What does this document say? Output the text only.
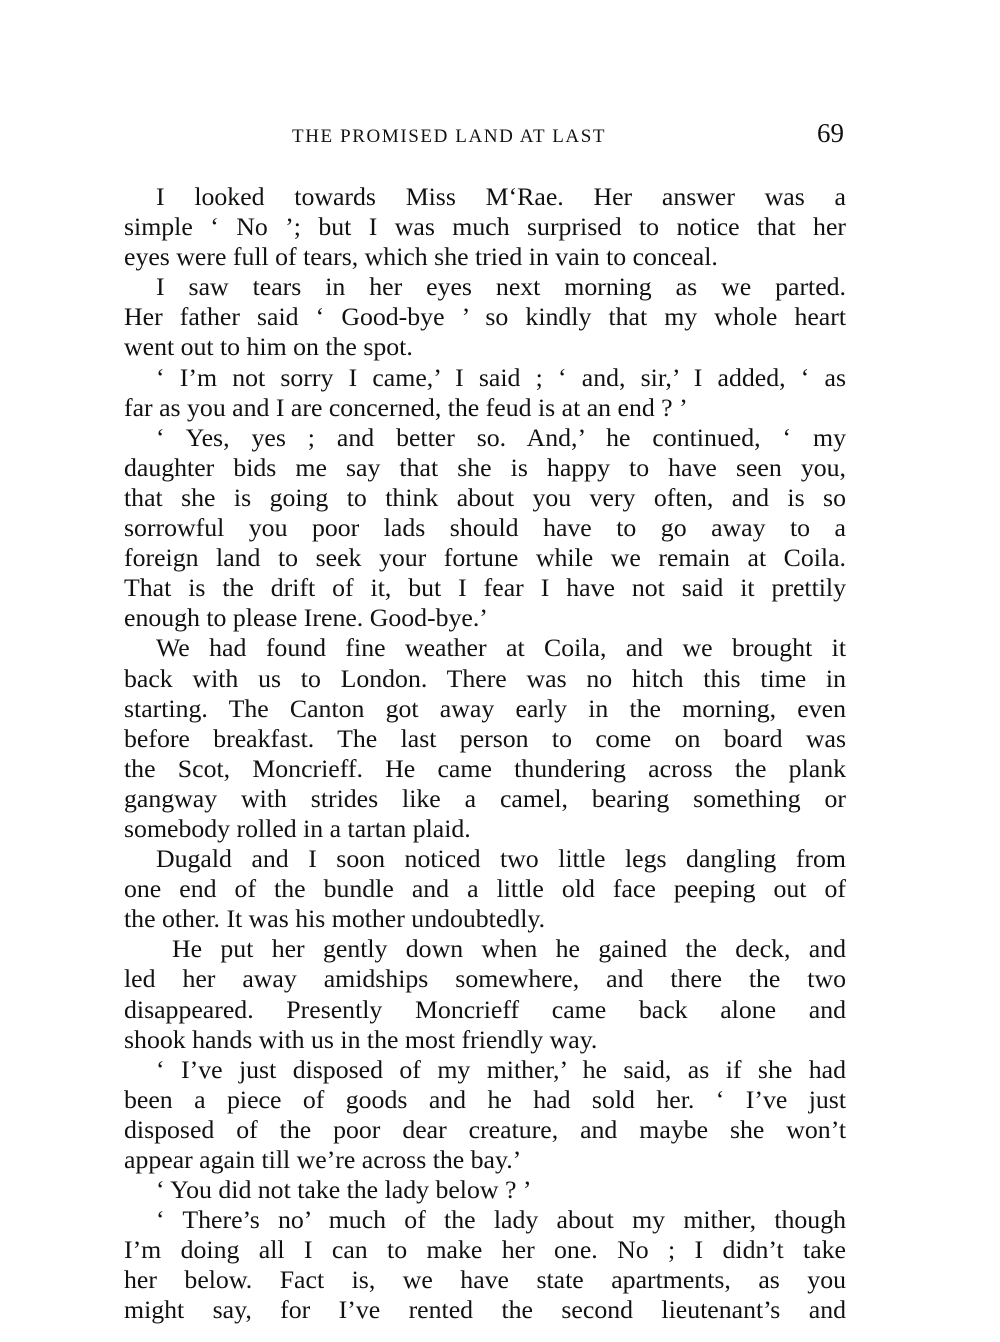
THE PROMISED LAND AT LAST	69
I looked towards Miss M‘Rae. Her answer was a
simple ‘ No ’; but I was much surprised to notice that her
eyes were full of tears, which she tried in vain to conceal.
I saw tears in her eyes next morning as we parted.
Her father said ‘ Good-bye ’ so kindly that my whole heart
went out to him on the spot.
‘ I’m not sorry I came,’ I said ; ‘ and, sir,’ I added, ‘ as
far as you and I are concerned, the feud is at an end ? ’
‘ Yes, yes ; and better so. And,’ he continued, ‘ my
daughter bids me say that she is happy to have seen you,
that she is going to think about you very often, and is so
sorrowful you poor lads should have to go away to a
foreign land to seek your fortune while we remain at Coila.
That is the drift of it, but I fear I have not said it prettily
enough to please Irene. Good-bye.’
We had found fine weather at Coila, and we brought it
back with us to London. There was no hitch this time in
starting. The Canton got away early in the morning, even
before breakfast. The last person to come on board was
the Scot, Moncrieff. He came thundering across the plank
gangway with strides like a camel, bearing something or
somebody rolled in a tartan plaid.
Dugald and I soon noticed two little legs dangling from
one end of the bundle and a little old face peeping out of
the other. It was his mother undoubtedly.
He put her gently down when he gained the deck, and
led her away amidships somewhere, and there the two
disappeared. Presently Moncrieff came back alone and
shook hands with us in the most friendly way.
‘ I’ve just disposed of my mither,’ he said, as if she had
been a piece of goods and he had sold her. ‘ I’ve just
disposed of the poor dear creature, and maybe she won’t
appear again till we’re across the bay.’
‘ You did not take the lady below ? ’
‘ There’s no’ much of the lady about my mither, though
I’m doing all I can to make her one. No ; I didn’t take
her below. Fact is, we have state apartments, as you
might say, for I’ve rented the second lieutenant’s and
